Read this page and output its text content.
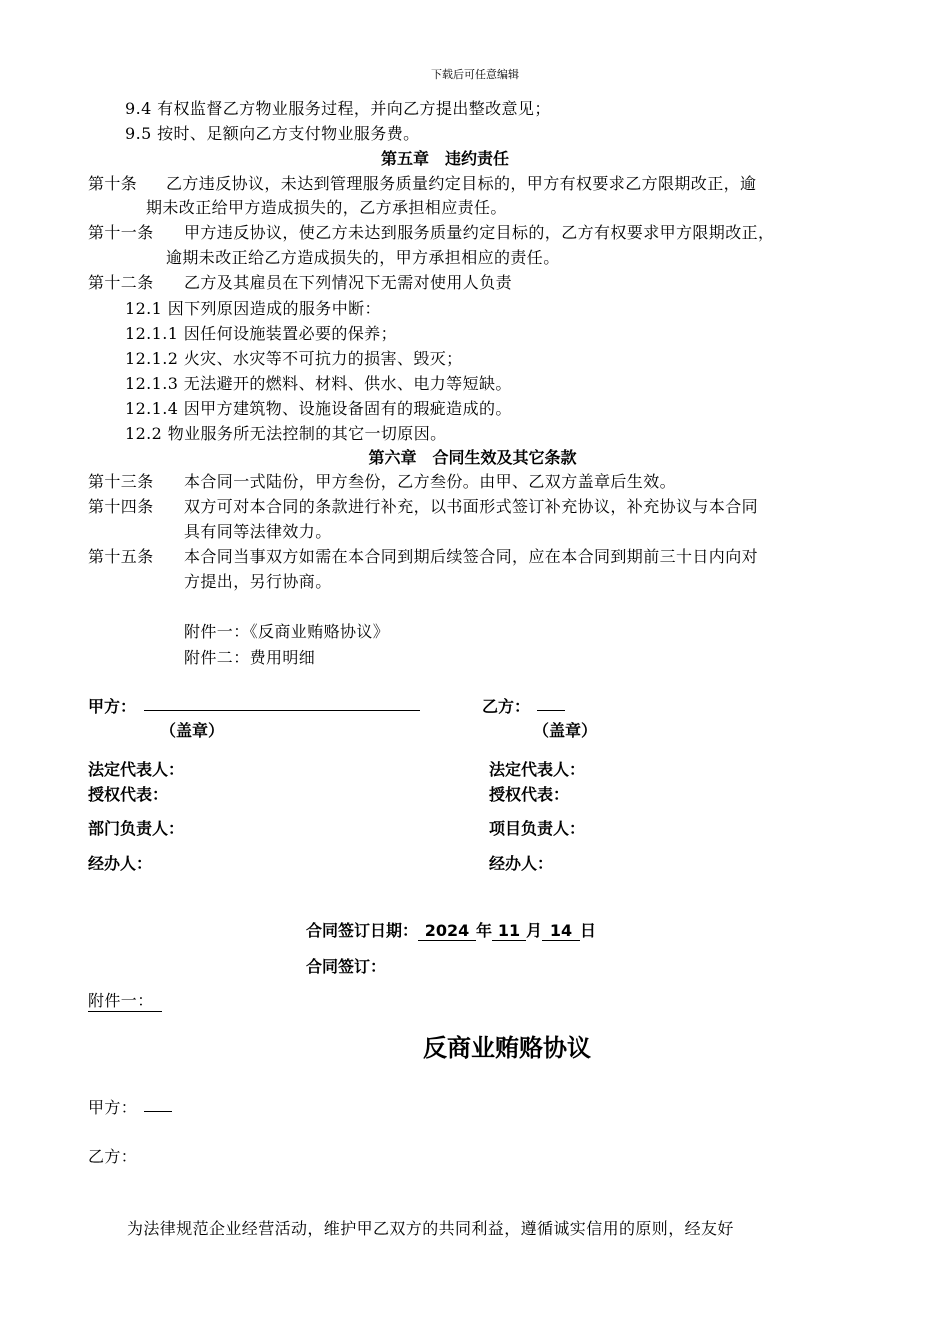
下载后可任意编辑
9.4 有权监督乙方物业服务过程，并向乙方提出整改意见；
9.5 按时、足额向乙方支付物业服务费。
第五章　违约责任
第十条 乙方违反协议，未达到管理服务质量约定目标的，甲方有权要求乙方限期改正，逾
期未改正给甲方造成损失的，乙方承担相应责任。
第十一条 甲方违反协议，使乙方未达到服务质量约定目标的，乙方有权要求甲方限期改正，
逾期未改正给乙方造成损失的，甲方承担相应的责任。
第十二条 乙方及其雇员在下列情况下无需对使用人负责
12.1 因下列原因造成的服务中断：
12.1.1 因任何设施装置必要的保养；
12.1.2 火灾、水灾等不可抗力的损害、毁灭；
12.1.3 无法避开的燃料、材料、供水、电力等短缺。
12.1.4 因甲方建筑物、设施设备固有的瑕疵造成的。
12.2 物业服务所无法控制的其它一切原因。
第六章　合同生效及其它条款
第十三条 本合同一式陆份，甲方叁份，乙方叁份。由甲、乙双方盖章后生效。
第十四条 双方可对本合同的条款进行补充，以书面形式签订补充协议，补充协议与本合同
具有同等法律效力。
第十五条 本合同当事双方如需在本合同到期后续签合同，应在本合同到期前三十日内向对
方提出，另行协商。
附件一：《反商业贿赂协议》
附件二：费用明细
甲方：	乙方：
（盖章）	（盖章）
法定代表人：
授权代表：
部门负责人：
经办人：
法定代表人：
授权代表：
项目负责人：
经办人：
合同签订日期： 2024 年 11 月 14 日
合同签订：
附件一：
反商业贿赂协议
甲方：
乙方：
为法律规范企业经营活动，维护甲乙双方的共同利益，遵循诚实信用的原则，经友好
